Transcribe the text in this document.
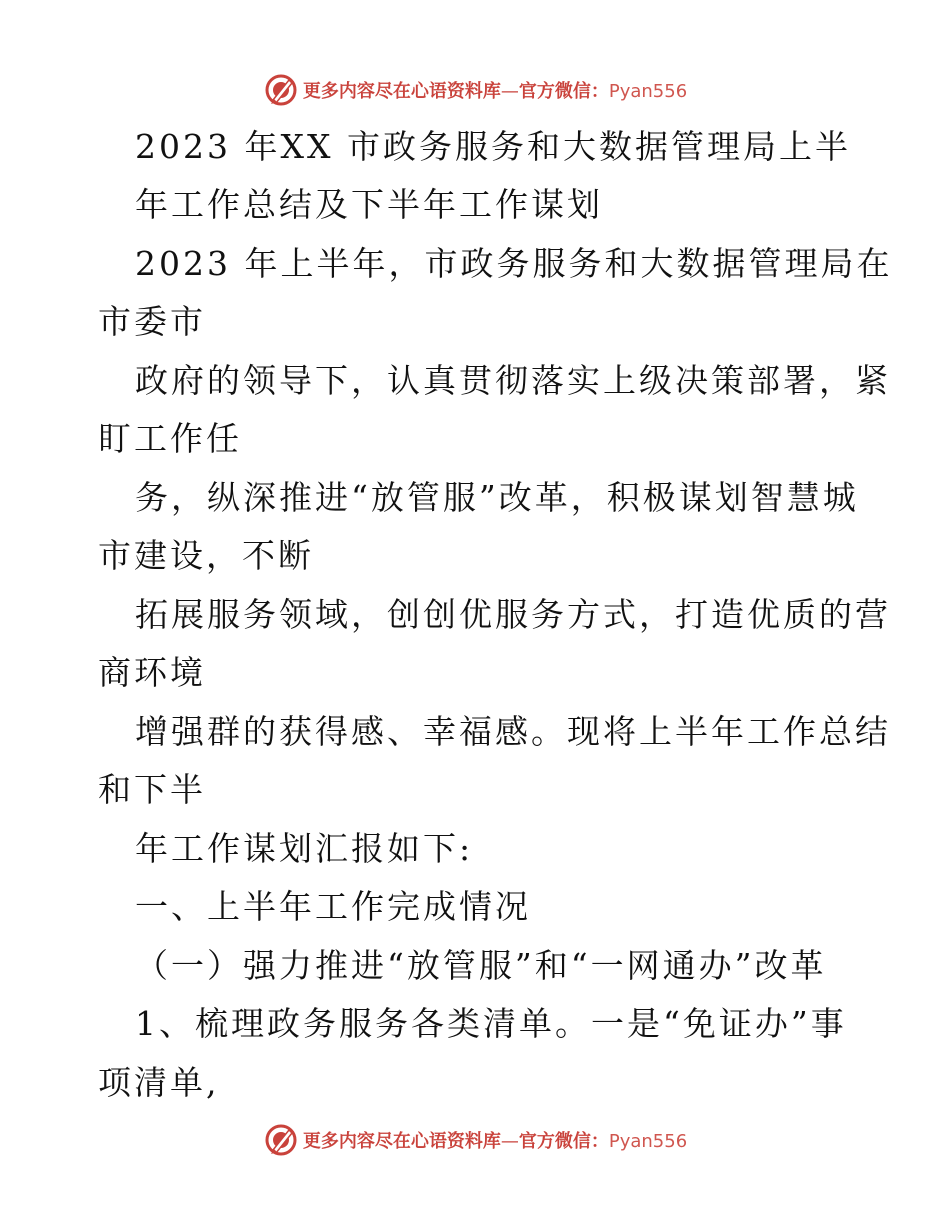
更多内容尽在心语资料库—官方微信：Pyan556
2023 年XX 市政务服务和大数据管理局上半
年工作总结及下半年工作谋划
2023 年上半年，市政务服务和大数据管理局在
市委市
政府的领导下，认真贯彻落实上级决策部署，紧
盯工作任
务，纵深推进“放管服”改革，积极谋划智慧城
市建设，不断
拓展服务领域，创创优服务方式，打造优质的营
商环境
增强群的获得感、幸福感。现将上半年工作总结
和下半
年工作谋划汇报如下:
一、上半年工作完成情况
（一）强力推进“放管服”和“一网通办”改革
1、梳理政务服务各类清单。一是“免证办”事
项清单,
更多内容尽在心语资料库—官方微信：Pyan556
